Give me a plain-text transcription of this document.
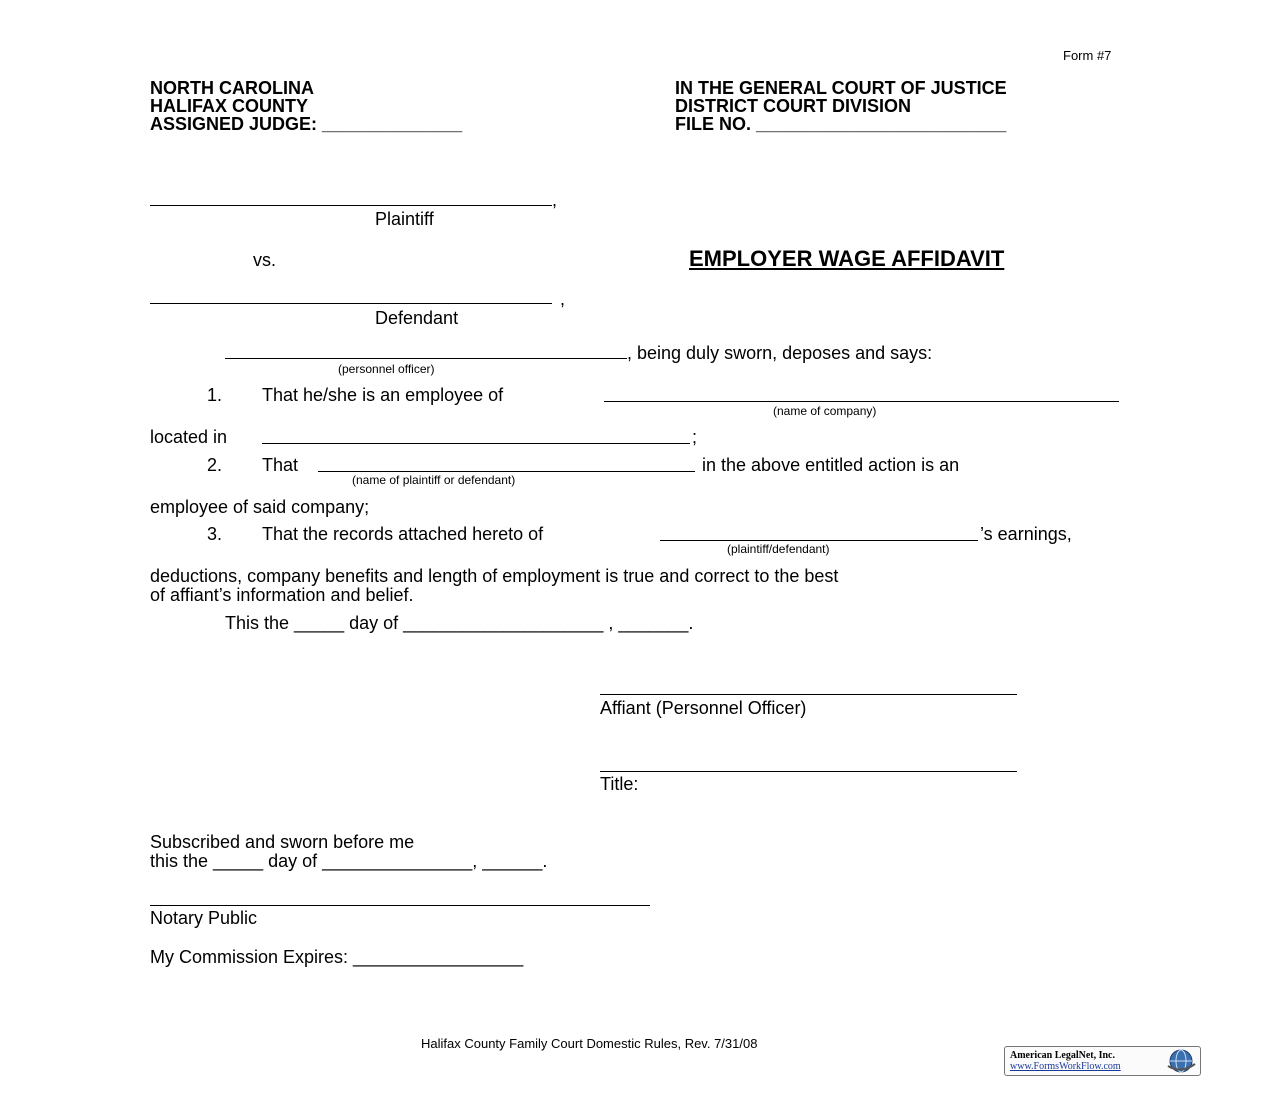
Form #7
NORTH CAROLINA
HALIFAX COUNTY
ASSIGNED JUDGE: ______________
IN THE GENERAL COURT OF JUSTICE
DISTRICT COURT DIVISION
FILE NO. _________________________
,
Plaintiff
vs.	EMPLOYER WAGE AFFIDAVIT
,
Defendant
, being duly sworn, deposes and says:
(personnel officer)
1. That he/she is an employee of
(name of company)
located in	;
2. That	in the above entitled action is an
(name of plaintiff or defendant)
employee of said company;
3. That the records attached hereto of	’s earnings,
(plaintiff/defendant)
deductions, company benefits and length of employment is true and correct to the best
of affiant’s information and belief.
This the _____ day of ____________________ , _______.
Affiant (Personnel Officer)
Title:
Subscribed and sworn before me
this the _____ day of _______________, ______.
Notary Public
My Commission Expires: _________________
Halifax County Family Court Domestic Rules, Rev. 7/31/08
American LegalNet, Inc.
www.FormsWorkFlow.com
